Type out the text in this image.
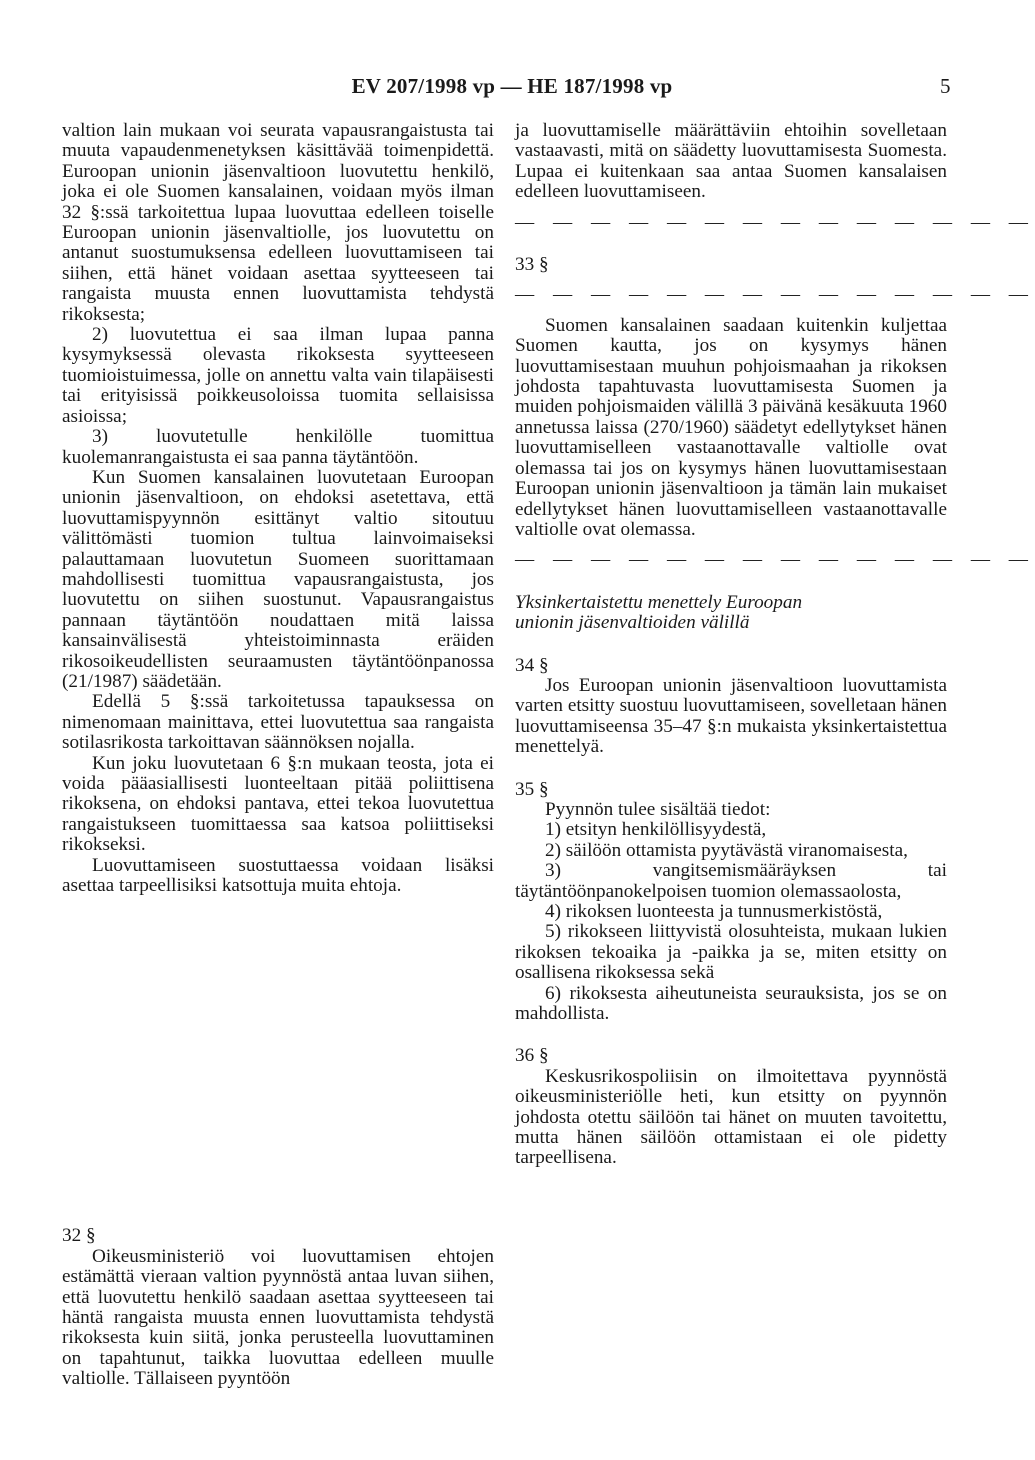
EV 207/1998 vp — HE 187/1998 vp	5

valtion lain mukaan voi seurata vapausrangaistusta tai muuta vapaudenmenetyksen käsittävää toimenpidettä. Euroopan unionin jäsenvaltioon luovutettu henkilö, joka ei ole Suomen kansalainen, voidaan myös ilman 32 §:ssä tarkoitettua lupaa luovuttaa edelleen toiselle Euroopan unionin jäsenvaltiolle, jos luovutettu on antanut suostumuksensa edelleen luovuttamiseen tai siihen, että hänet voidaan asettaa syytteeseen tai rangaista muusta ennen luovuttamista tehdystä rikoksesta;

2) luovutettua ei saa ilman lupaa panna kysymyksessä olevasta rikoksesta syytteeseen tuomioistuimessa, jolle on annettu valta vain tilapäisesti tai erityisissä poikkeusoloissa tuomita sellaisissa asioissa;

3) luovutetulle henkilölle tuomittua kuolemanrangaistusta ei saa panna täytäntöön.

Kun Suomen kansalainen luovutetaan Euroopan unionin jäsenvaltioon, on ehdoksi asetettava, että luovuttamispyynnön esittänyt valtio sitoutuu välittömästi tuomion tultua lainvoimaiseksi palauttamaan luovutetun Suomeen suorittamaan mahdollisesti tuomittua vapausrangaistusta, jos luovutettu on siihen suostunut. Vapausrangaistus pannaan täytäntöön noudattaen mitä laissa kansainvälisestä yhteistoiminnasta eräiden rikosoikeudellisten seuraamusten täytäntöönpanossa (21/1987) säädetään.

Edellä 5 §:ssä tarkoitetussa tapauksessa on nimenomaan mainittava, ettei luovutettua saa rangaista sotilasrikosta tarkoittavan säännöksen nojalla.

Kun joku luovutetaan 6 §:n mukaan teosta, jota ei voida pääasiallisesti luonteeltaan pitää poliittisena rikoksena, on ehdoksi pantava, ettei tekoa luovutettua rangaistukseen tuomittaessa saa katsoa poliittiseksi rikokseksi.

Luovuttamiseen suostuttaessa voidaan lisäksi asettaa tarpeellisiksi katsottuja muita ehtoja.

32 §

Oikeusministeriö voi luovuttamisen ehtojen estämättä vieraan valtion pyynnöstä antaa luvan siihen, että luovutettu henkilö saadaan asettaa syytteeseen tai häntä rangaista muusta ennen luovuttamista tehdystä rikoksesta kuin siitä, jonka perusteella luovuttaminen on tapahtunut, taikka luovuttaa edelleen muulle valtiolle. Tällaiseen pyyntöön

ja luovuttamiselle määrättäviin ehtoihin sovelletaan vastaavasti, mitä on säädetty luovuttamisesta Suomesta. Lupaa ei kuitenkaan saa antaa Suomen kansalaisen edelleen luovuttamiseen.

— — — — — — — — — — — — — —

33 §

— — — — — — — — — — — — — —

Suomen kansalainen saadaan kuitenkin kuljettaa Suomen kautta, jos on kysymys hänen luovuttamisestaan muuhun pohjoismaahan ja rikoksen johdosta tapahtuvasta luovuttamisesta Suomen ja muiden pohjoismaiden välillä 3 päivänä kesäkuuta 1960 annetussa laissa (270/1960) säädetyt edellytykset hänen luovuttamiselleen vastaanottavalle valtiolle ovat olemassa tai jos on kysymys hänen luovuttamisestaan Euroopan unionin jäsenvaltioon ja tämän lain mukaiset edellytykset hänen luovuttamiselleen vastaanottavalle valtiolle ovat olemassa.

— — — — — — — — — — — — — —

Yksinkertaistettu menettely Euroopan

unionin jäsenvaltioiden välillä

34 §

Jos Euroopan unionin jäsenvaltioon luovuttamista varten etsitty suostuu luovuttamiseen, sovelletaan hänen luovuttamiseensa 35–47 §:n mukaista yksinkertaistettua menettelyä.

35 §

Pyynnön tulee sisältää tiedot:

1) etsityn henkilöllisyydestä,

2) säilöön ottamista pyytävästä viranomaisesta,

3) vangitsemismääräyksen tai täytäntöönpanokelpoisen tuomion olemassaolosta,

4) rikoksen luonteesta ja tunnusmerkistöstä,

5) rikokseen liittyvistä olosuhteista, mukaan lukien rikoksen tekoaika ja -paikka ja se, miten etsitty on osallisena rikoksessa sekä

6) rikoksesta aiheutuneista seurauksista, jos se on mahdollista.

36 §

Keskusrikospoliisin on ilmoitettava pyynnöstä oikeusministeriölle heti, kun etsitty on pyynnön johdosta otettu säilöön tai hänet on muuten tavoitettu, mutta hänen säilöön ottamistaan ei ole pidetty tarpeellisena.
